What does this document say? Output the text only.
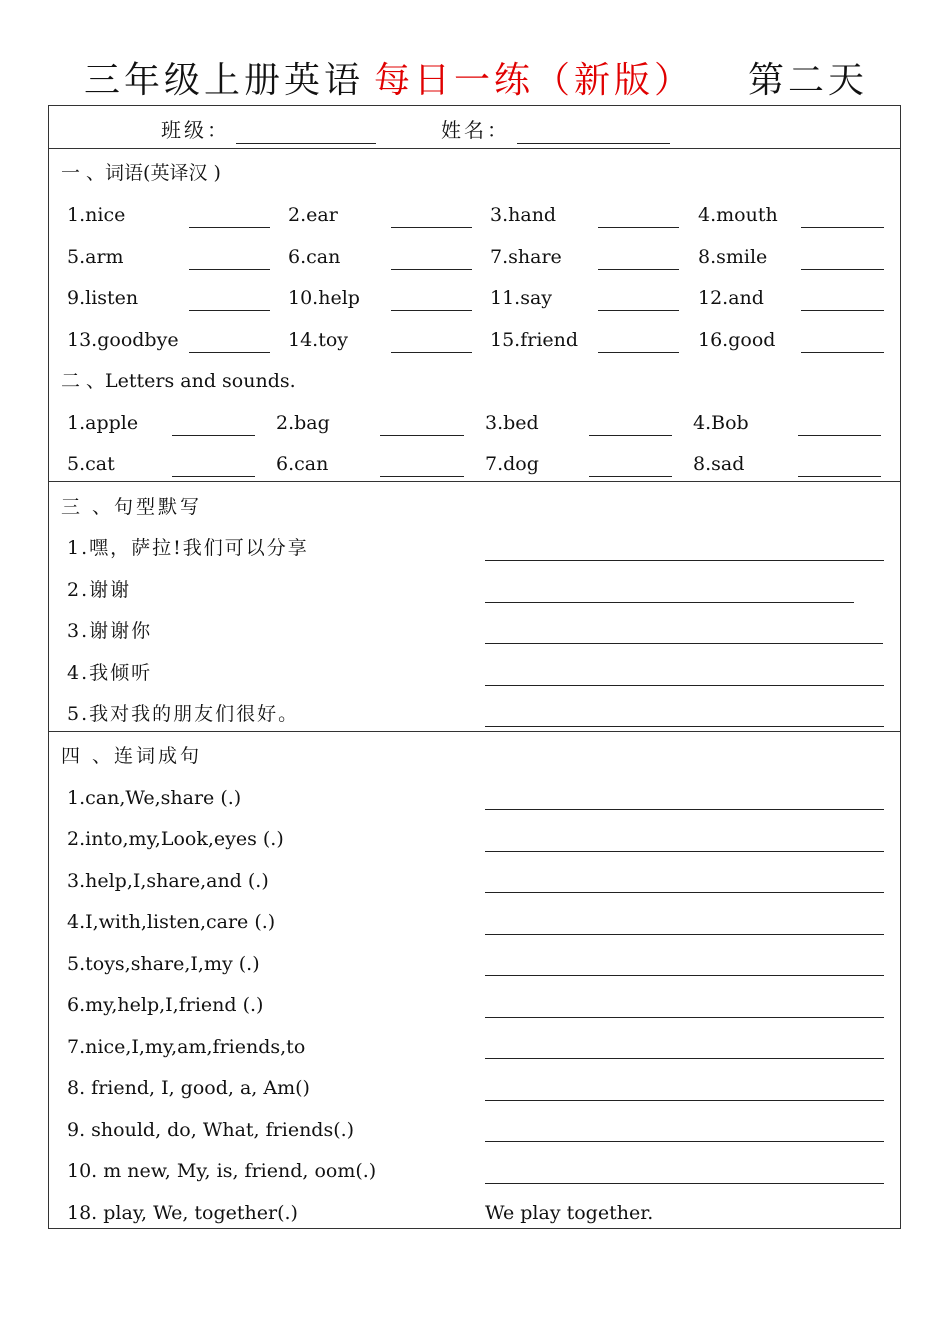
三年级上册英语 每日一练（新版） 第二天
班级：	姓名：
一 、词语(英译汉 )
1.nice	2.ear	3.hand	4.mouth
5.arm	6.can	7.share	8.smile
9.listen	10.help	11.say	12.and
13.goodbye	14.toy	15.friend	16.good
二 、Letters and sounds.
1.apple	2.bag	3.bed	4.Bob
5.cat	6.can	7.dog	8.sad
三 、句型默写
1.嘿，萨拉!我们可以分享
2.谢谢
3.谢谢你
4.我倾听
5.我对我的朋友们很好。
四 、连词成句
1.can,We,share (.)
2.into,my,Look,eyes (.)
3.help,I,share,and (.)
4.I,with,listen,care (.)
5.toys,share,I,my (.)
6.my,help,I,friend (.)
7.nice,I,my,am,friends,to
8. friend, I, good, a, Am()
9. should, do, What, friends(.)
10. m new, My, is, friend, oom(.)
18. play, We, together(.)	We play together.
